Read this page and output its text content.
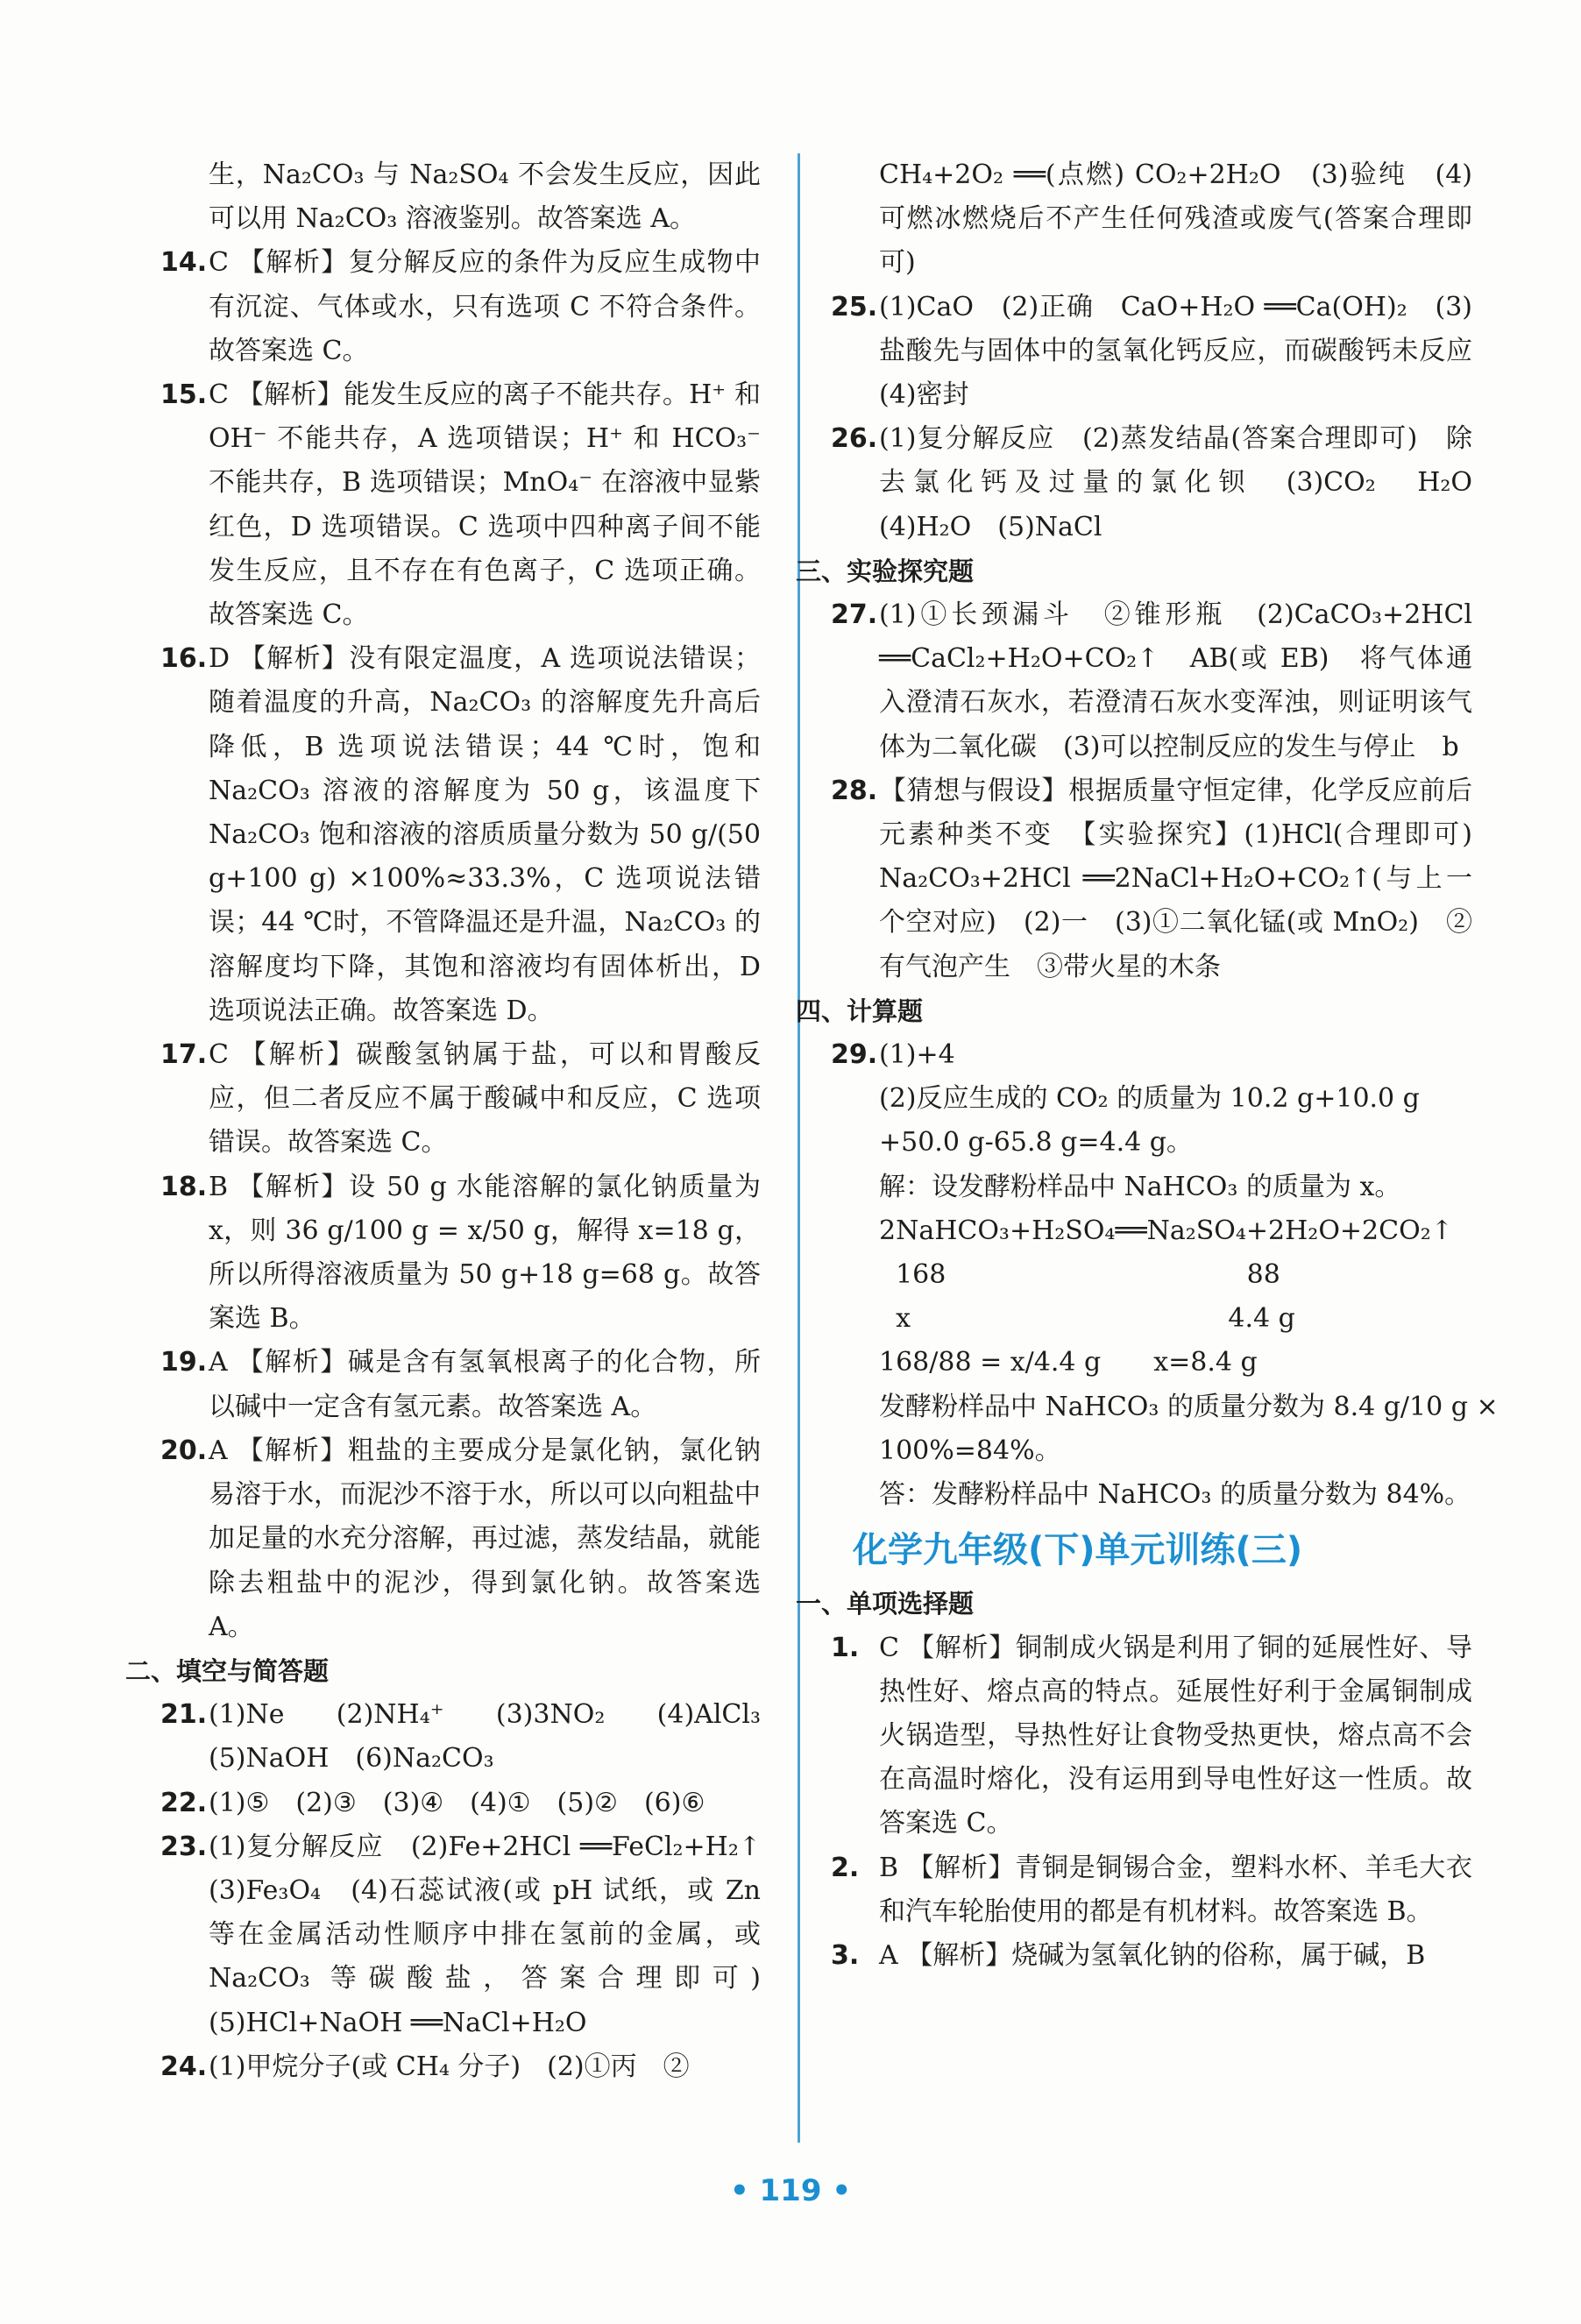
生，Na₂CO₃ 与 Na₂SO₄ 不会发生反应，因此可以用 Na₂CO₃ 溶液鉴别。故答案选 A。

14.C 【解析】复分解反应的条件为反应生成物中有沉淀、气体或水，只有选项 C 不符合条件。故答案选 C。

15.C 【解析】能发生反应的离子不能共存。H⁺ 和 OH⁻ 不能共存，A 选项错误；H⁺ 和 HCO₃⁻ 不能共存，B 选项错误；MnO₄⁻ 在溶液中显紫红色，D 选项错误。C 选项中四种离子间不能发生反应，且不存在有色离子，C 选项正确。故答案选 C。

16.D 【解析】没有限定温度，A 选项说法错误；随着温度的升高，Na₂CO₃ 的溶解度先升高后降低，B 选项说法错误；44 ℃时，饱和 Na₂CO₃ 溶液的溶解度为 50 g，该温度下 Na₂CO₃ 饱和溶液的溶质质量分数为 50 g/(50 g+100 g) ×100%≈33.3%，C 选项说法错误；44 ℃时，不管降温还是升温，Na₂CO₃ 的溶解度均下降，其饱和溶液均有固体析出，D 选项说法正确。故答案选 D。

17.C 【解析】碳酸氢钠属于盐，可以和胃酸反应，但二者反应不属于酸碱中和反应，C 选项错误。故答案选 C。

18.B 【解析】设 50 g 水能溶解的氯化钠质量为 x，则 36 g/100 g = x/50 g，解得 x=18 g，所以所得溶液质量为 50 g+18 g=68 g。故答案选 B。

19.A 【解析】碱是含有氢氧根离子的化合物，所以碱中一定含有氢元素。故答案选 A。

20.A 【解析】粗盐的主要成分是氯化钠，氯化钠易溶于水，而泥沙不溶于水，所以可以向粗盐中加足量的水充分溶解，再过滤，蒸发结晶，就能除去粗盐中的泥沙，得到氯化钠。故答案选 A。

二、填空与简答题

21.(1)Ne　(2)NH₄⁺　(3)3NO₂　(4)AlCl₃　(5)NaOH　(6)Na₂CO₃

22.(1)⑤　(2)③　(3)④　(4)①　(5)②　(6)⑥

23.(1)复分解反应　(2)Fe+2HCl ══FeCl₂+H₂↑　(3)Fe₃O₄　(4)石蕊试液(或 pH 试纸，或 Zn 等在金属活动性顺序中排在氢前的金属，或 Na₂CO₃ 等碳酸盐，答案合理即可)　(5)HCl+NaOH ══NaCl+H₂O

24.(1)甲烷分子(或 CH₄ 分子)　(2)①丙　②

CH₄+2O₂ ══(点燃) CO₂+2H₂O　(3)验纯　(4)可燃冰燃烧后不产生任何残渣或废气(答案合理即可)

25.(1)CaO　(2)正确　CaO+H₂O ══Ca(OH)₂　(3)盐酸先与固体中的氢氧化钙反应，而碳酸钙未反应　(4)密封

26.(1)复分解反应　(2)蒸发结晶(答案合理即可)　除去氯化钙及过量的氯化钡　(3)CO₂　H₂O　(4)H₂O　(5)NaCl

三、实验探究题

27.(1)①长颈漏斗　②锥形瓶　(2)CaCO₃+2HCl ══CaCl₂+H₂O+CO₂↑　AB(或 EB)　将气体通入澄清石灰水，若澄清石灰水变浑浊，则证明该气体为二氧化碳　(3)可以控制反应的发生与停止　b

28.【猜想与假设】根据质量守恒定律，化学反应前后元素种类不变　【实验探究】(1)HCl(合理即可)　Na₂CO₃+2HCl ══2NaCl+H₂O+CO₂↑(与上一个空对应)　(2)一　(3)①二氧化锰(或 MnO₂)　②有气泡产生　③带火星的木条

四、计算题

29.(1)+4

(2)反应生成的 CO₂ 的质量为 10.2 g+10.0 g

+50.0 g-65.8 g=4.4 g。

解：设发酵粉样品中 NaHCO₃ 的质量为 x。

2NaHCO₃+H₂SO₄══Na₂SO₄+2H₂O+2CO₂↑

168                                    88

x                                      4.4 g

168/88 = x/4.4 g　　x=8.4 g

发酵粉样品中 NaHCO₃ 的质量分数为 8.4 g/10 g ×

100%=84%。

答：发酵粉样品中 NaHCO₃ 的质量分数为 84%。

化学九年级(下)单元训练(三)

一、单项选择题

1. C 【解析】铜制成火锅是利用了铜的延展性好、导热性好、熔点高的特点。延展性好利于金属铜制成火锅造型，导热性好让食物受热更快，熔点高不会在高温时熔化，没有运用到导电性好这一性质。故答案选 C。

2. B 【解析】青铜是铜锡合金，塑料水杯、羊毛大衣和汽车轮胎使用的都是有机材料。故答案选 B。

3. A 【解析】烧碱为氢氧化钠的俗称，属于碱，B

• 119 •
